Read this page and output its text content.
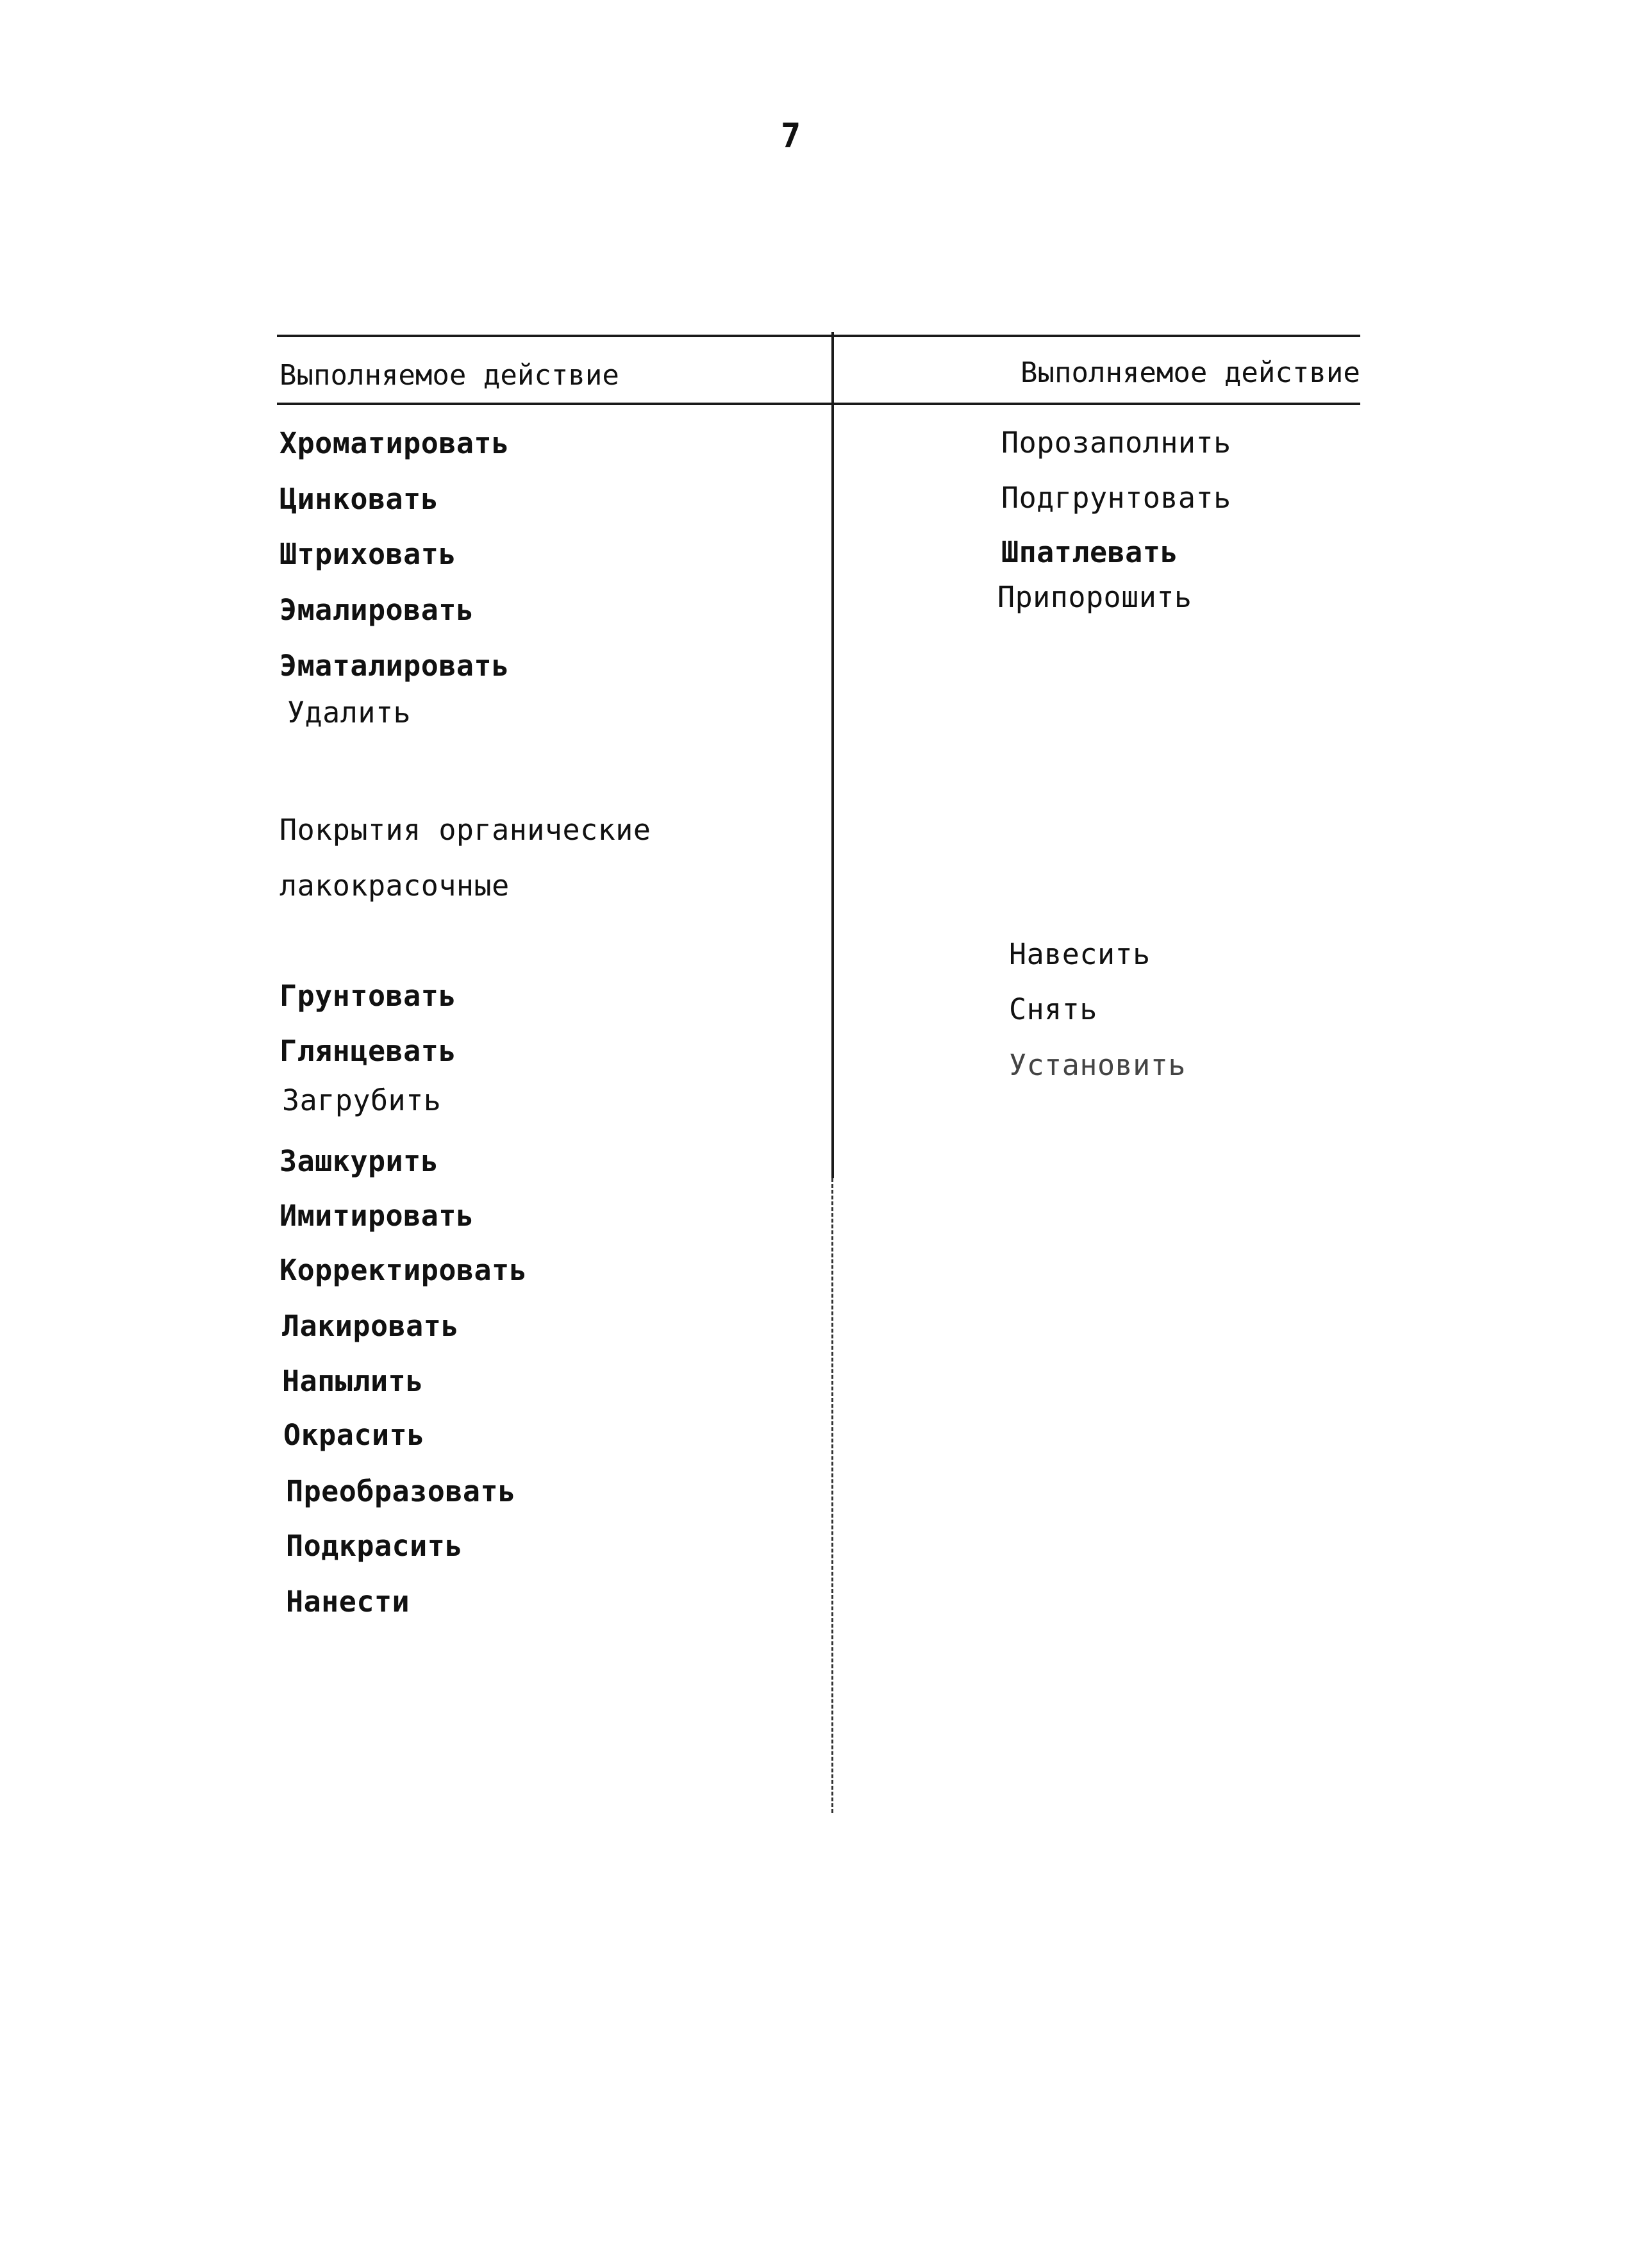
7
Выполняемое действие	Выполняемое действие
Хроматировать
Цинковать
Штриховать
Эмалировать
Эматалировать
Удалить
Покрытия органические
лакокрасочные
Грунтовать
Глянцевать
Загрубить
Зашкурить
Имитировать
Корректировать
Лакировать
Напылить
Окрасить
Преобразовать
Подкрасить
Нанести
Порозаполнить
Подгрунтовать
Шпатлевать
Припорошить
Навесить
Снять
Установить
